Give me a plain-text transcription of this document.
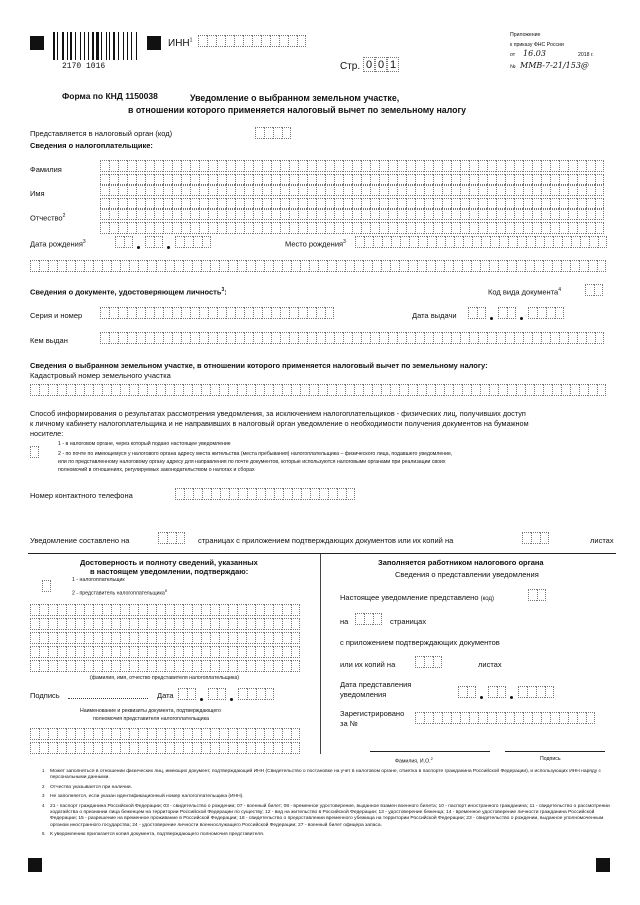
2170 1016
ИНН$^1$
Стр. 0 0 1
Приложение
к приказу ФНС России
от 16.03	2018 г.
№ ММВ-7-21/153@
Форма по КНД 1150038	Уведомление о выбранном земельном участке,
в отношении которого применяется налоговый вычет по земельному налогу
Представляется в налоговый орган (код)
Сведения о налогоплательщике:
Фамилия
Имя
Отчество$^2$
Дата рождения$^3$	Место рождения$^3$
Сведения о документе, удостоверяющем личность$^3$:	Код вида документа$^4$
Серия и номер	Дата выдачи
Кем выдан
Сведения о выбранном земельном участке, в отношении которого применяется налоговый вычет по земельному налогу:
Кадастровый номер земельного участка
Способ информирования о результатах рассмотрения уведомления, за исключением налогоплательщиков - физических лиц, получивших доступ
к личному кабинету налогоплательщика и не направивших в налоговый орган уведомление о необходимости получения документов на бумажном
носителе:
1 - в налоговом органе, через который подано настоящее уведомление
2 - по почте по имеющемуся у налогового органа адресу места жительства (места пребывания) налогоплательщика – физического лица, подавшего уведомление,
или по представленному налоговому органу адресу для направления по почте документов, которые используются налоговыми органами при реализации своих
полномочий в отношениях, регулируемых законодательством о налогах и сборах
Номер контактного телефона
Уведомление составлено на	страницах с приложением подтверждающих документов или их копий на	листах
Достоверность и полноту сведений, указанных
в настоящем уведомлении, подтверждаю:
1 - налогоплательщик
2 - представитель налогоплательщика$^5$
(фамилия, имя, отчество представителя налогоплательщика)
Подпись	Дата
Наименование и реквизиты документа, подтверждающего
полномочия представителя налогоплательщика
Заполняется работником налогового органа
Сведения о представлении уведомления
Настоящее уведомление представлено (код)
на	страницах
с приложением подтверждающих документов
или их копий на	листах
Дата представления
уведомления
Зарегистрировано
за №
Фамилия, И.О.$^2$	Подпись
1 Может заполняться в отношении физических лиц, имеющих документ, подтверждающий ИНН (Свидетельство о постановке на учет в налоговом органе, отметка в паспорте гражданина Российской Федерации), и использующих ИНН наряду с персональными данными.
2 Отчество указывается при наличии.
3 Не заполняется, если указан идентификационный номер налогоплательщика (ИНН).
4 21 - паспорт гражданина Российской Федерации; 03 - свидетельство о рождении; 07 - военный билет; 08 - временное удостоверение, выданное взамен военного билета; 10 - паспорт иностранного гражданина; 11 - свидетельство о рассмотрении ходатайства о признании лица беженцем на территории Российской Федерации по существу; 12 - вид на жительство в Российской Федерации; 13 - удостоверение беженца; 14 - временное удостоверение личности гражданина Российской Федерации; 15 - разрешение на временное проживание в Российской Федерации; 18 - свидетельство о предоставлении временного убежища на территории Российской Федерации; 23 - свидетельство о рождении, выданное уполномоченным органом иностранного государства; 24 - удостоверение личности военнослужащего Российской Федерации; 27 - военный билет офицера запаса.
5 К уведомлению прилагается копия документа, подтверждающего полномочия представителя.
